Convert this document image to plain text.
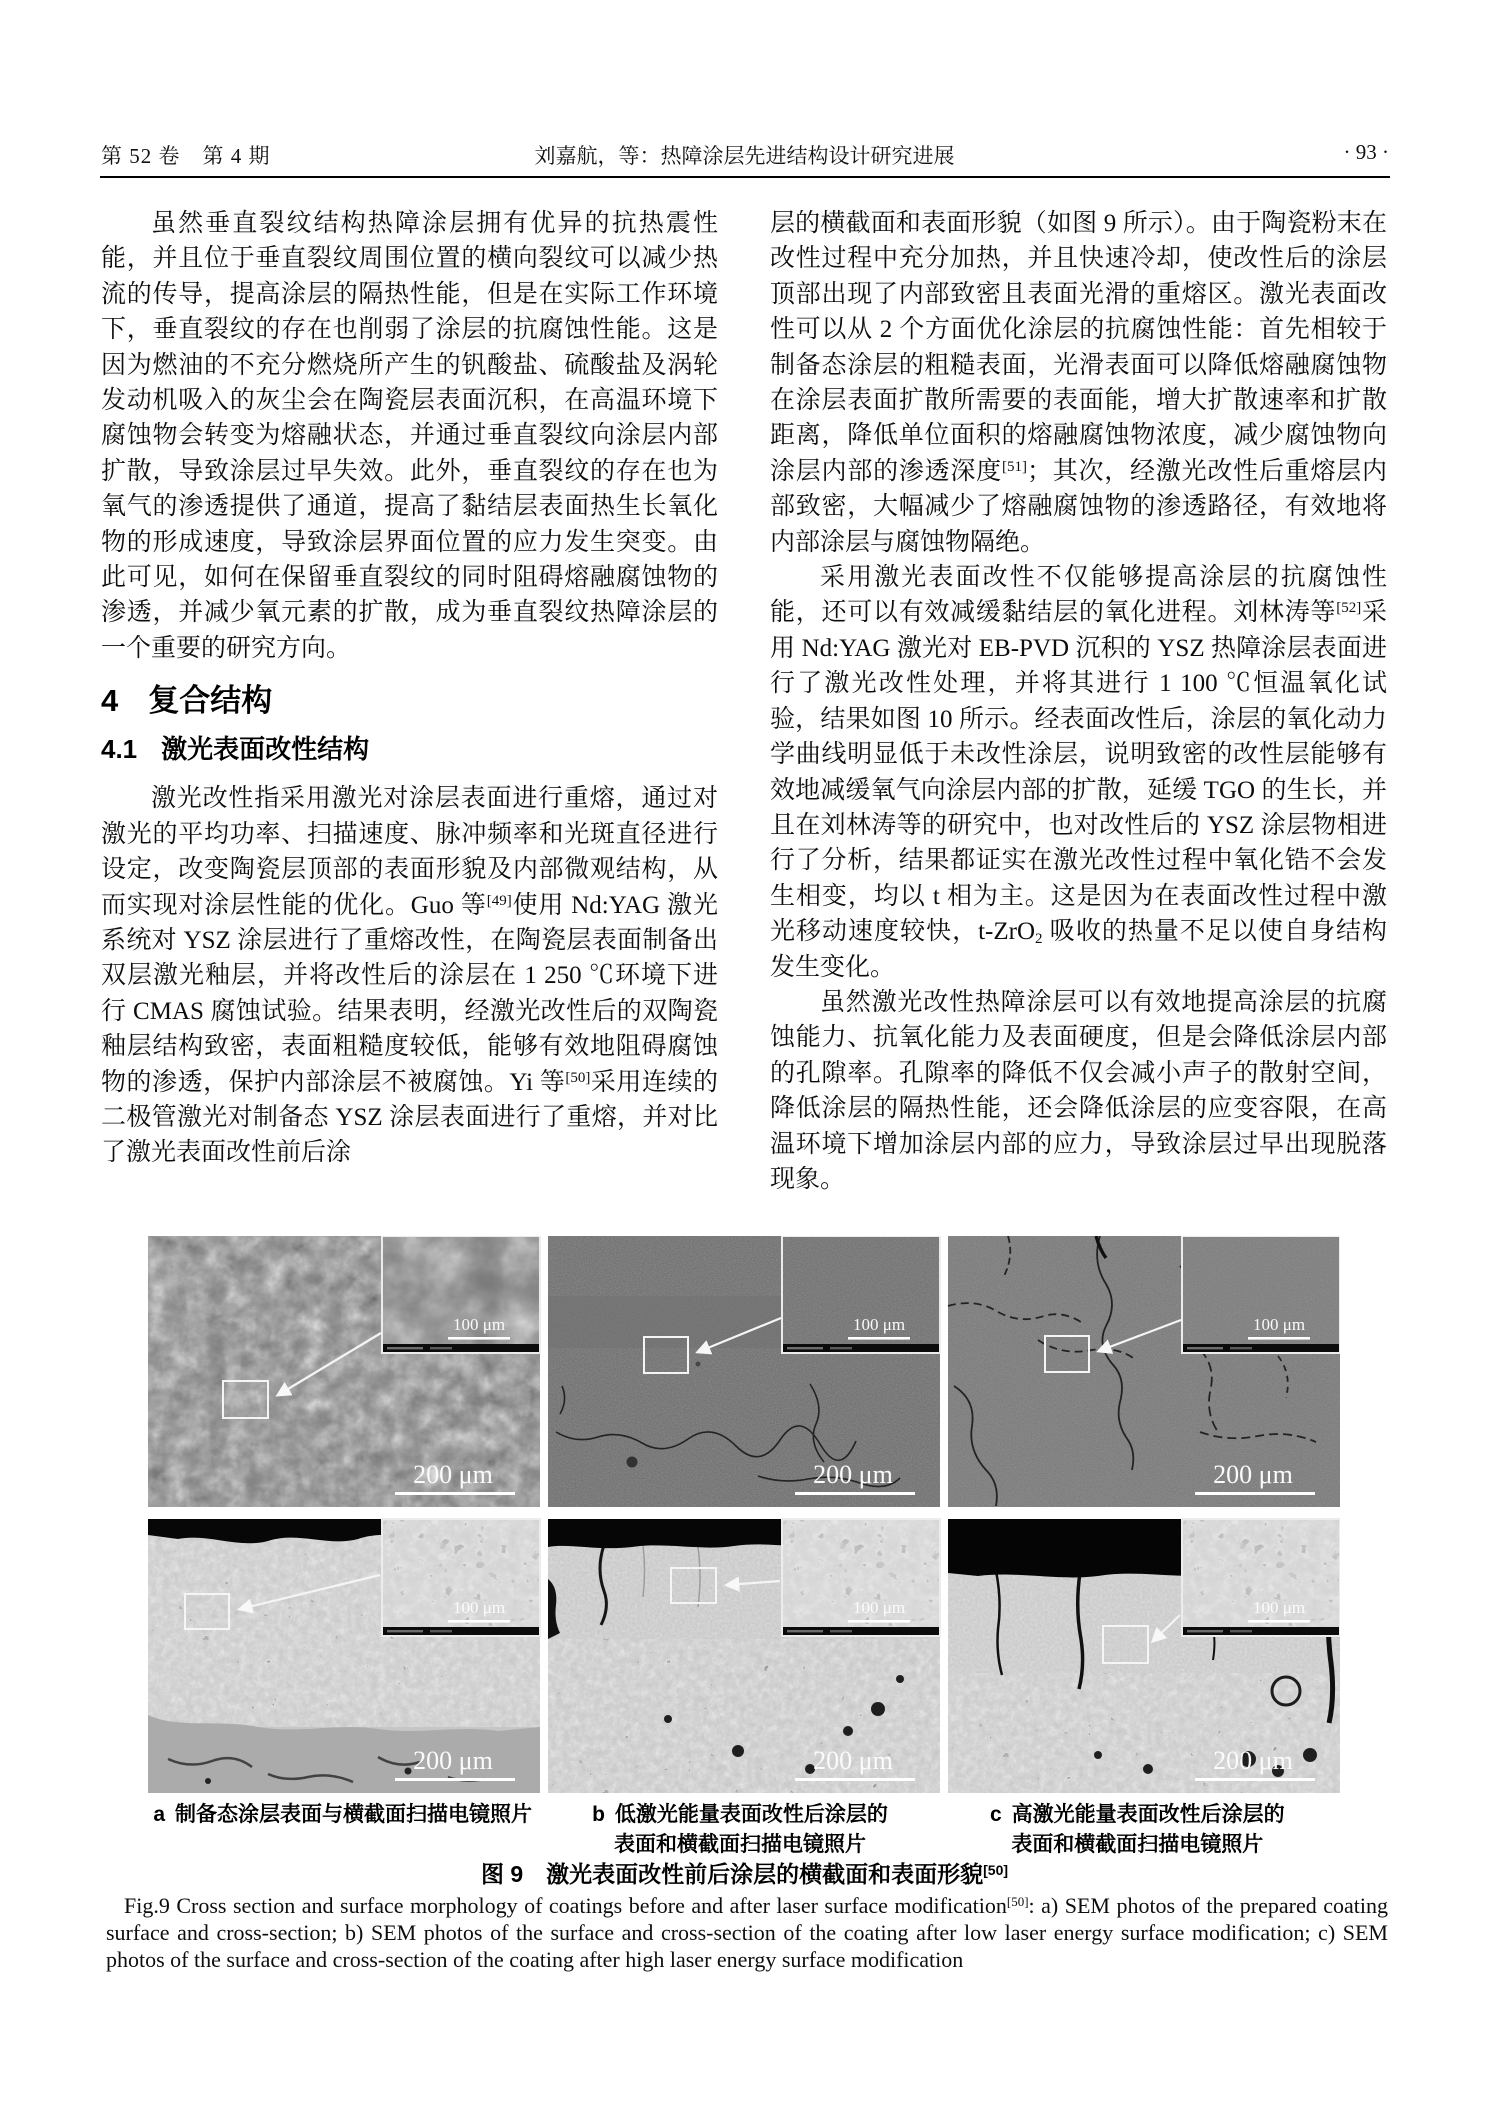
第 52 卷　第 4 期	刘嘉航，等：热障涂层先进结构设计研究进展	· 93 ·

虽然垂直裂纹结构热障涂层拥有优异的抗热震性能，并且位于垂直裂纹周围位置的横向裂纹可以减少热流的传导，提高涂层的隔热性能，但是在实际工作环境下，垂直裂纹的存在也削弱了涂层的抗腐蚀性能。这是因为燃油的不充分燃烧所产生的钒酸盐、硫酸盐及涡轮发动机吸入的灰尘会在陶瓷层表面沉积，在高温环境下腐蚀物会转变为熔融状态，并通过垂直裂纹向涂层内部扩散，导致涂层过早失效。此外，垂直裂纹的存在也为氧气的渗透提供了通道，提高了黏结层表面热生长氧化物的形成速度，导致涂层界面位置的应力发生突变。由此可见，如何在保留垂直裂纹的同时阻碍熔融腐蚀物的渗透，并减少氧元素的扩散，成为垂直裂纹热障涂层的一个重要的研究方向。

4 复合结构
4.1 激光表面改性结构

激光改性指采用激光对涂层表面进行重熔，通过对激光的平均功率、扫描速度、脉冲频率和光斑直径进行设定，改变陶瓷层顶部的表面形貌及内部微观结构，从而实现对涂层性能的优化。Guo 等[49]使用 Nd:YAG 激光系统对 YSZ 涂层进行了重熔改性，在陶瓷层表面制备出双层激光釉层，并将改性后的涂层在 1 250 ℃环境下进行 CMAS 腐蚀试验。结果表明，经激光改性后的双陶瓷釉层结构致密，表面粗糙度较低，能够有效地阻碍腐蚀物的渗透，保护内部涂层不被腐蚀。Yi 等[50]采用连续的二极管激光对制备态 YSZ 涂层表面进行了重熔，并对比了激光表面改性前后涂

层的横截面和表面形貌（如图 9 所示）。由于陶瓷粉末在改性过程中充分加热，并且快速冷却，使改性后的涂层顶部出现了内部致密且表面光滑的重熔区。激光表面改性可以从 2 个方面优化涂层的抗腐蚀性能：首先相较于制备态涂层的粗糙表面，光滑表面可以降低熔融腐蚀物在涂层表面扩散所需要的表面能，增大扩散速率和扩散距离，降低单位面积的熔融腐蚀物浓度，减少腐蚀物向涂层内部的渗透深度[51]；其次，经激光改性后重熔层内部致密，大幅减少了熔融腐蚀物的渗透路径，有效地将内部涂层与腐蚀物隔绝。

采用激光表面改性不仅能够提高涂层的抗腐蚀性能，还可以有效减缓黏结层的氧化进程。刘林涛等[52]采用 Nd:YAG 激光对 EB-PVD 沉积的 YSZ 热障涂层表面进行了激光改性处理，并将其进行 1 100 ℃恒温氧化试验，结果如图 10 所示。经表面改性后，涂层的氧化动力学曲线明显低于未改性涂层，说明致密的改性层能够有效地减缓氧气向涂层内部的扩散，延缓 TGO 的生长，并且在刘林涛等的研究中，也对改性后的 YSZ 涂层物相进行了分析，结果都证实在激光改性过程中氧化锆不会发生相变，均以 t 相为主。这是因为在表面改性过程中激光移动速度较快，t-ZrO$_2$ 吸收的热量不足以使自身结构发生变化。

虽然激光改性热障涂层可以有效地提高涂层的抗腐蚀能力、抗氧化能力及表面硬度，但是会降低涂层内部的孔隙率。孔隙率的降低不仅会减小声子的散射空间，降低涂层的隔热性能，还会降低涂层的应变容限，在高温环境下增加涂层内部的应力，导致涂层过早出现脱落现象。

100 μm
200 μm
100 μm
200 μm
100 μm
200 μm
100 μm
200 μm
100 μm
200 μm
100 μm
200 μm
a 制备态涂层表面与横截面扫描电镜照片	b 低激光能量表面改性后涂层的
表面和横截面扫描电镜照片
c 高激光能量表面改性后涂层的
表面和横截面扫描电镜照片
图 9　激光表面改性前后涂层的横截面和表面形貌[50]
Fig.9 Cross section and surface morphology of coatings before and after laser surface modification[50]: a) SEM photos of the prepared coating surface and cross-section; b) SEM photos of the surface and cross-section of the coating after low laser energy surface modification; c) SEM photos of the surface and cross-section of the coating after high laser energy surface modification
